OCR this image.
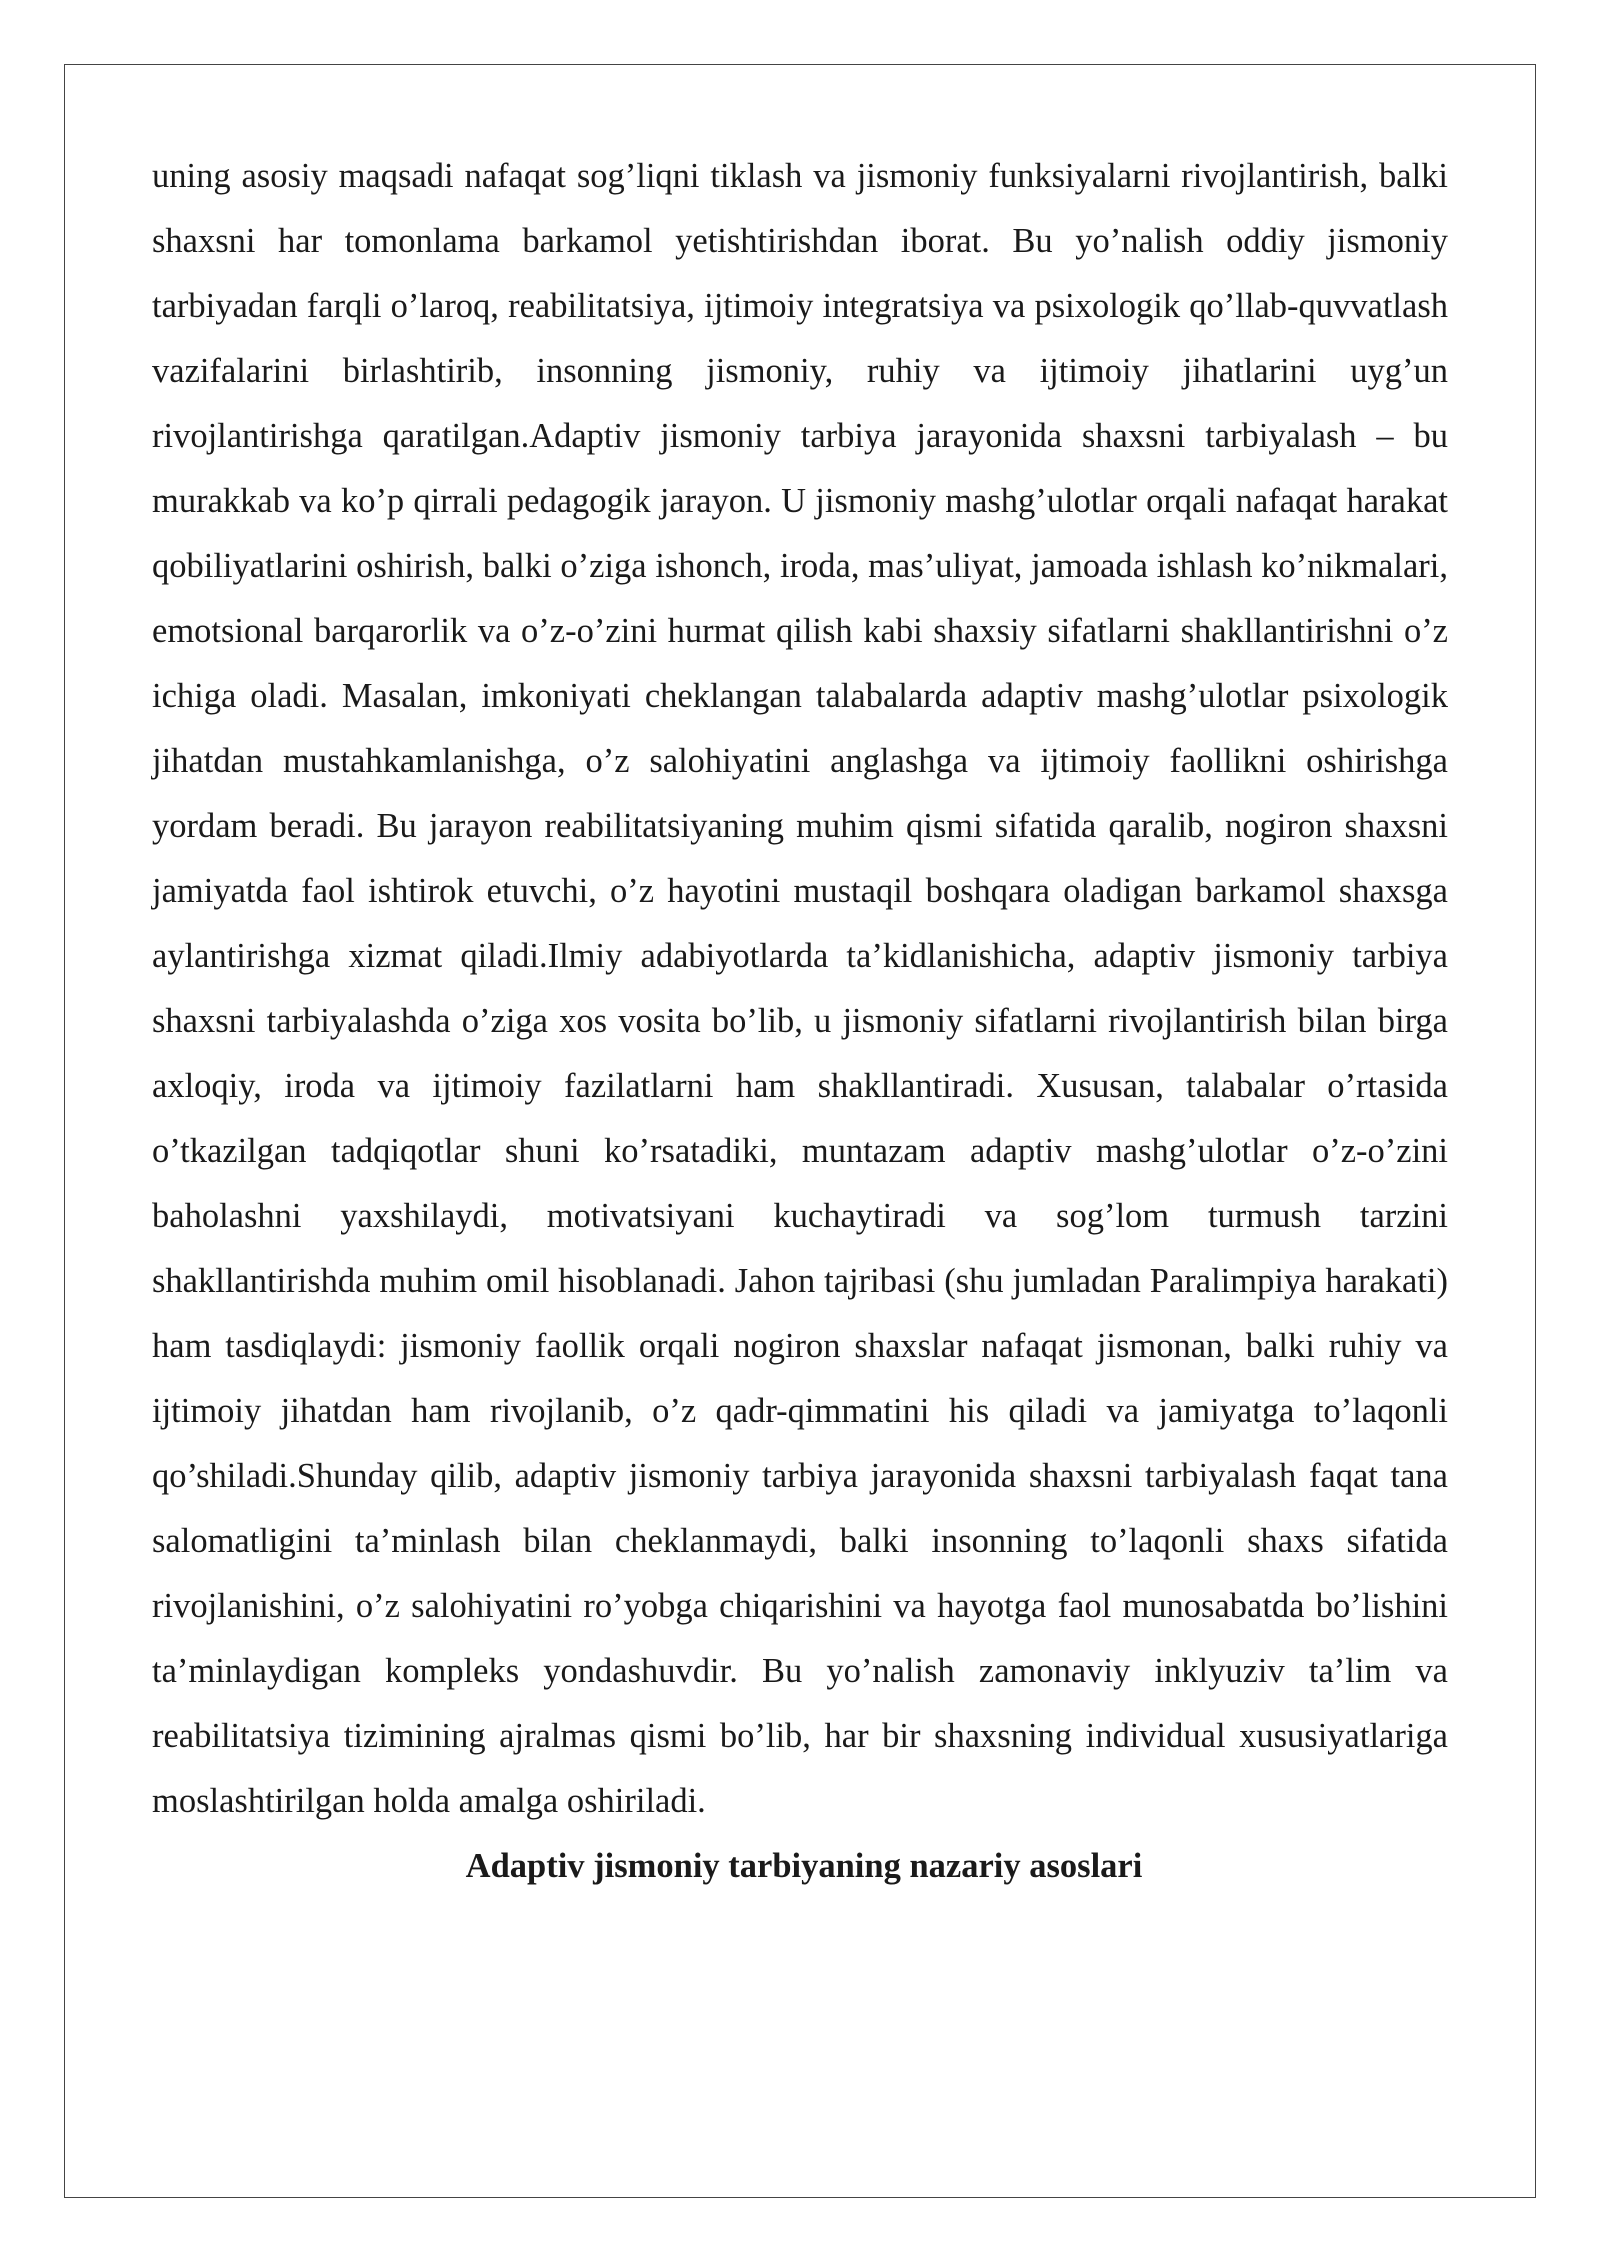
uning asosiy maqsadi nafaqat sog’liqni tiklash va jismoniy funksiyalarni rivojlantirish, balki shaxsni har tomonlama barkamol yetishtirishdan iborat. Bu yo’nalish oddiy jismoniy tarbiyadan farqli o’laroq, reabilitatsiya, ijtimoiy integratsiya va psixologik qo’llab-quvvatlash vazifalarini birlashtirib, insonning jismoniy, ruhiy va ijtimoiy jihatlarini uyg’un rivojlantirishga qaratilgan.Adaptiv jismoniy tarbiya jarayonida shaxsni tarbiyalash – bu murakkab va ko’p qirrali pedagogik jarayon. U jismoniy mashg’ulotlar orqali nafaqat harakat qobiliyatlarini oshirish, balki o’ziga ishonch, iroda, mas’uliyat, jamoada ishlash ko’nikmalari, emotsional barqarorlik va o’z-o’zini hurmat qilish kabi shaxsiy sifatlarni shakllantirishni o’z ichiga oladi. Masalan, imkoniyati cheklangan talabalarda adaptiv mashg’ulotlar psixologik jihatdan mustahkamlanishga, o’z salohiyatini anglashga va ijtimoiy faollikni oshirishga yordam beradi. Bu jarayon reabilitatsiyaning muhim qismi sifatida qaralib, nogiron shaxsni jamiyatda faol ishtirok etuvchi, o’z hayotini mustaqil boshqara oladigan barkamol shaxsga aylantirishga xizmat qiladi.Ilmiy adabiyotlarda ta’kidlanishicha, adaptiv jismoniy tarbiya shaxsni tarbiyalashda o’ziga xos vosita bo’lib, u jismoniy sifatlarni rivojlantirish bilan birga axloqiy, iroda va ijtimoiy fazilatlarni ham shakllantiradi. Xususan, talabalar o’rtasida o’tkazilgan tadqiqotlar shuni ko’rsatadiki, muntazam adaptiv mashg’ulotlar o’z-o’zini baholashni yaxshilaydi, motivatsiyani kuchaytiradi va sog’lom turmush tarzini shakllantirishda muhim omil hisoblanadi. Jahon tajribasi (shu jumladan Paralimpiya harakati) ham tasdiqlaydi: jismoniy faollik orqali nogiron shaxslar nafaqat jismonan, balki ruhiy va ijtimoiy jihatdan ham rivojlanib, o’z qadr-qimmatini his qiladi va jamiyatga to’laqonli qo’shiladi.Shunday qilib, adaptiv jismoniy tarbiya jarayonida shaxsni tarbiyalash faqat tana salomatligini ta’minlash bilan cheklanmaydi, balki insonning to’laqonli shaxs sifatida rivojlanishini, o’z salohiyatini ro’yobga chiqarishini va hayotga faol munosabatda bo’lishini ta’minlaydigan kompleks yondashuvdir. Bu yo’nalish zamonaviy inklyuziv ta’lim va reabilitatsiya tizimining ajralmas qismi bo’lib, har bir shaxsning individual xususiyatlariga moslashtirilgan holda amalga oshiriladi.

Adaptiv jismoniy tarbiyaning nazariy asoslari
